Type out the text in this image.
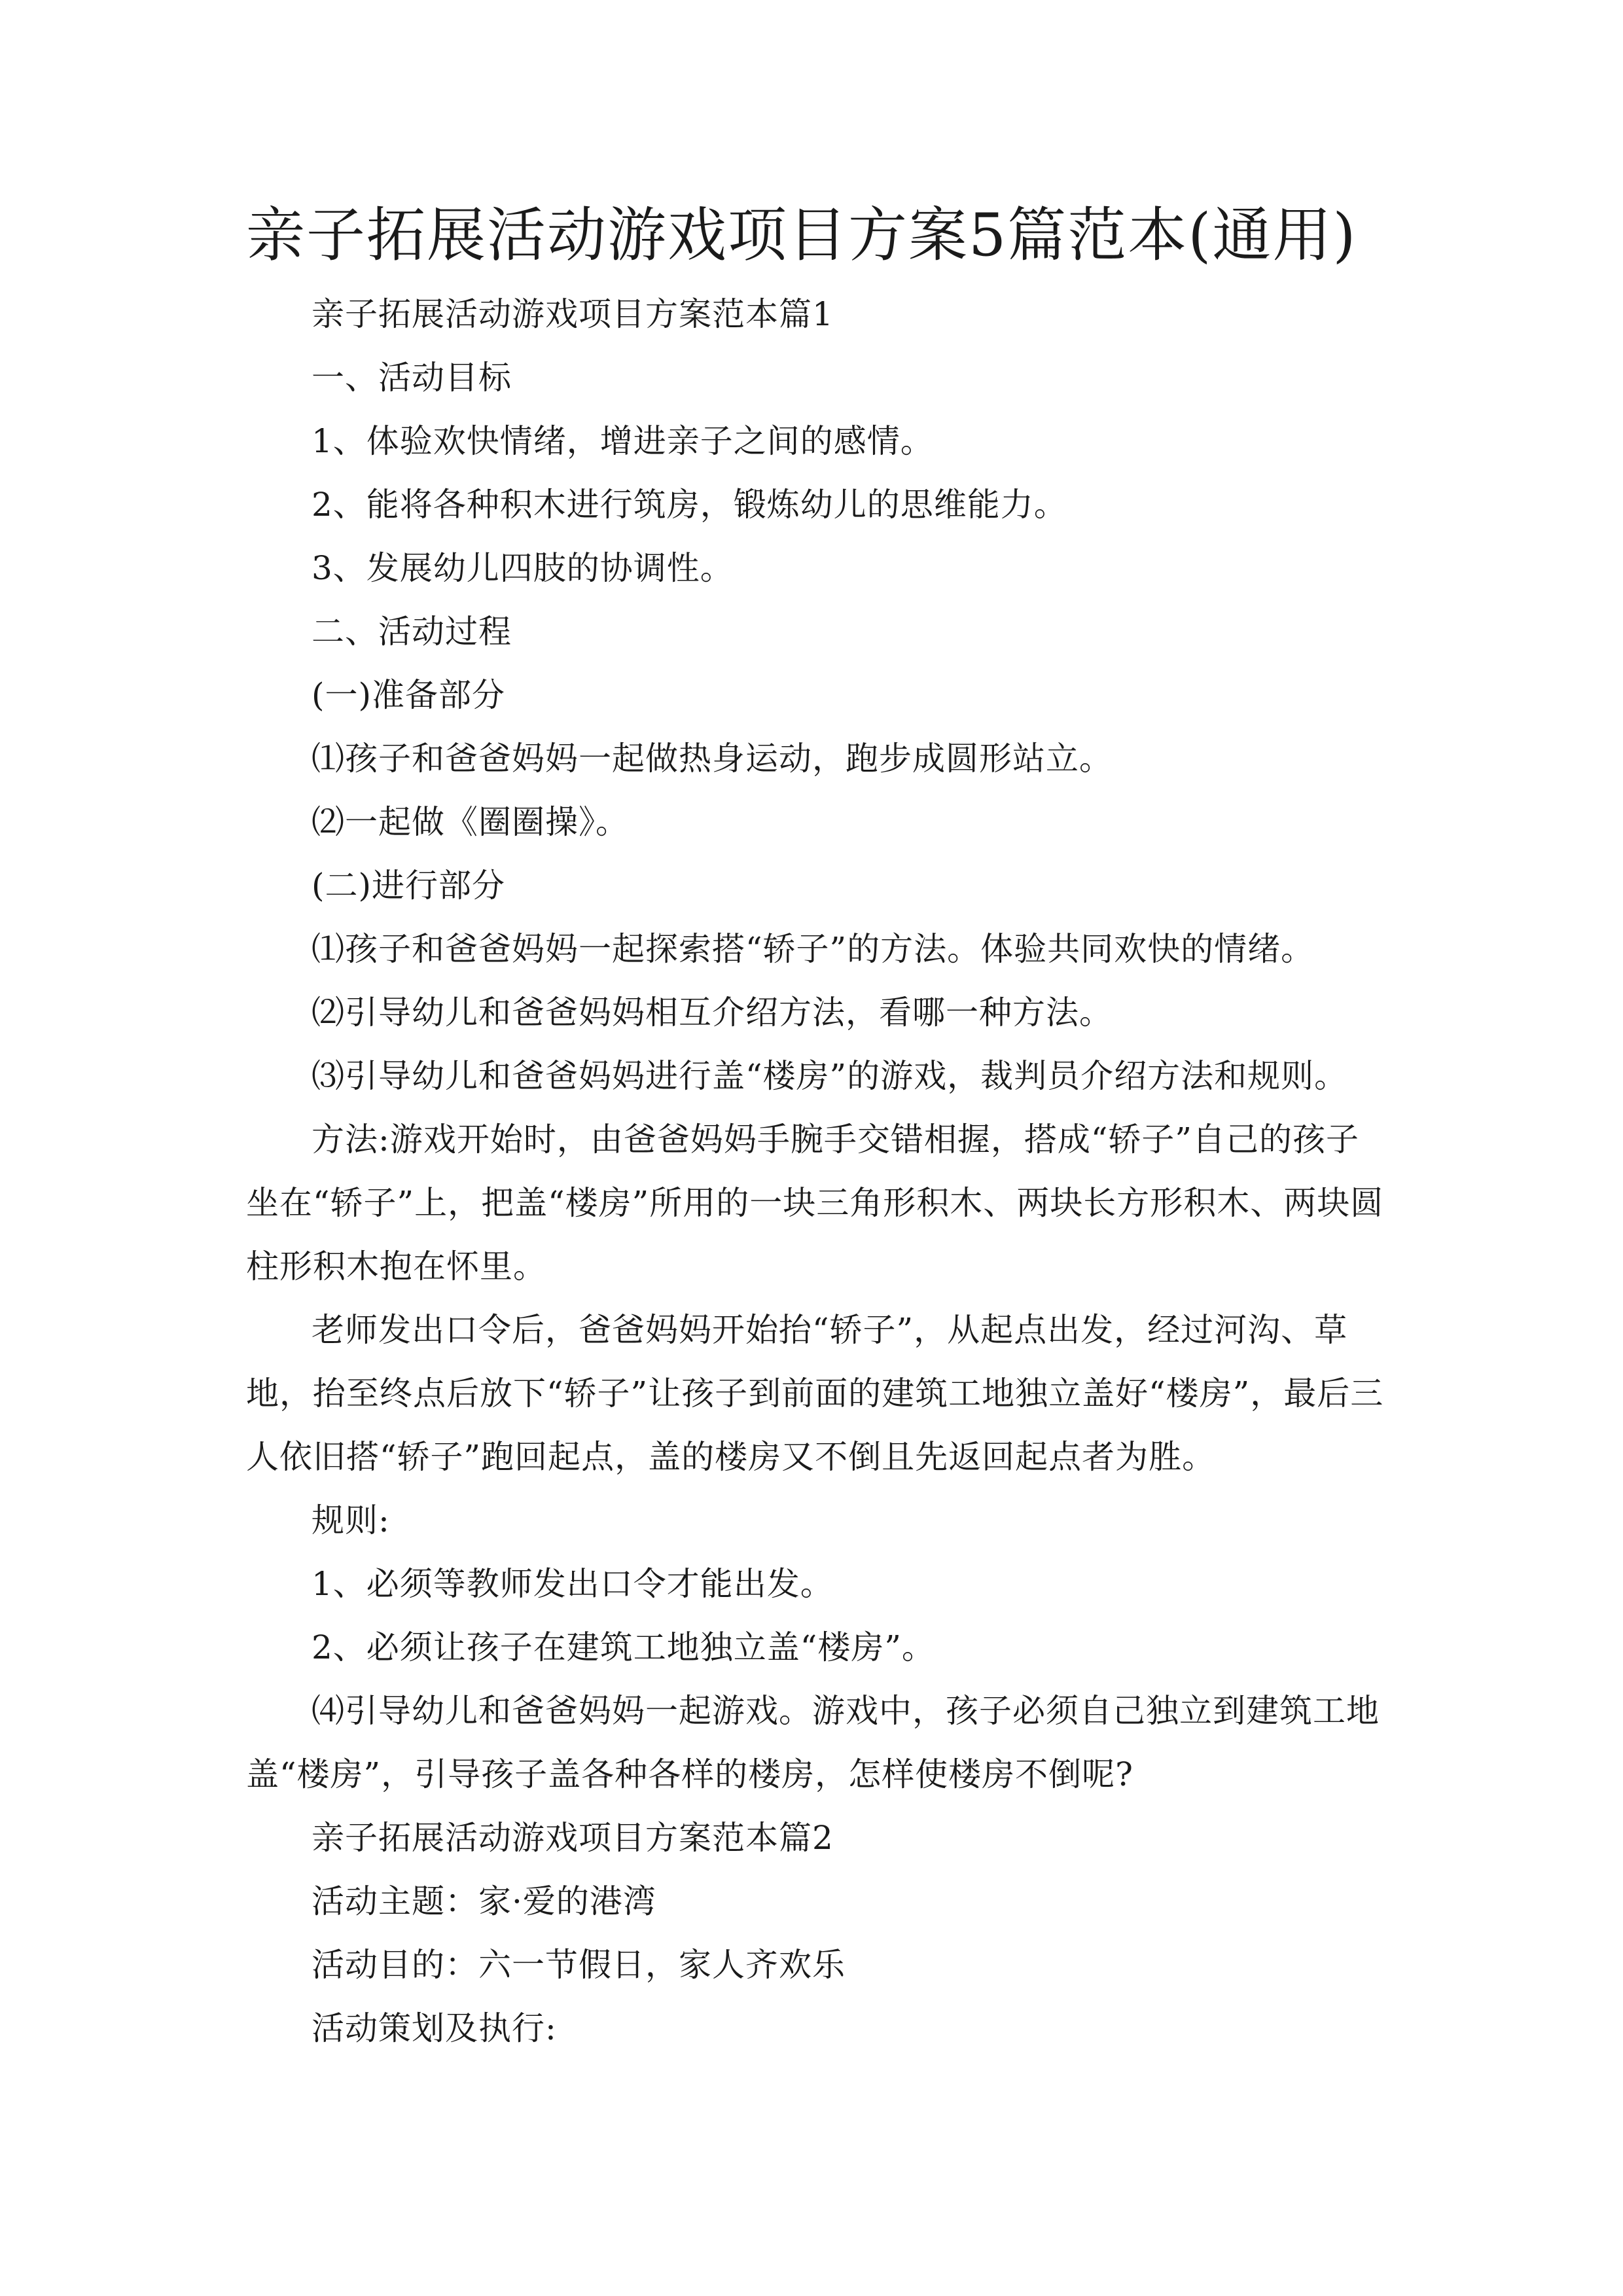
亲子拓展活动游戏项目方案5篇范本(通用)

亲子拓展活动游戏项目方案范本篇1

一、活动目标

1、体验欢快情绪，增进亲子之间的感情。

2、能将各种积木进行筑房，锻炼幼儿的思维能力。

3、发展幼儿四肢的协调性。

二、活动过程

(一)准备部分

⑴孩子和爸爸妈妈一起做热身运动，跑步成圆形站立。

⑵一起做《圈圈操》。

(二)进行部分

⑴孩子和爸爸妈妈一起探索搭“轿子”的方法。体验共同欢快的情绪。

⑵引导幼儿和爸爸妈妈相互介绍方法，看哪一种方法。

⑶引导幼儿和爸爸妈妈进行盖“楼房”的游戏，裁判员介绍方法和规则。

方法:游戏开始时，由爸爸妈妈手腕手交错相握，搭成“轿子”自己的孩子坐在“轿子”上，把盖“楼房”所用的一块三角形积木、两块长方形积木、两块圆柱形积木抱在怀里。

老师发出口令后，爸爸妈妈开始抬“轿子”，从起点出发，经过河沟、草地，抬至终点后放下“轿子”让孩子到前面的建筑工地独立盖好“楼房”，最后三人依旧搭“轿子”跑回起点，盖的楼房又不倒且先返回起点者为胜。

规则:

1、必须等教师发出口令才能出发。

2、必须让孩子在建筑工地独立盖“楼房”。

⑷引导幼儿和爸爸妈妈一起游戏。游戏中，孩子必须自己独立到建筑工地盖“楼房”，引导孩子盖各种各样的楼房，怎样使楼房不倒呢?

亲子拓展活动游戏项目方案范本篇2

活动主题：家·爱的港湾

活动目的：六一节假日，家人齐欢乐

活动策划及执行:
